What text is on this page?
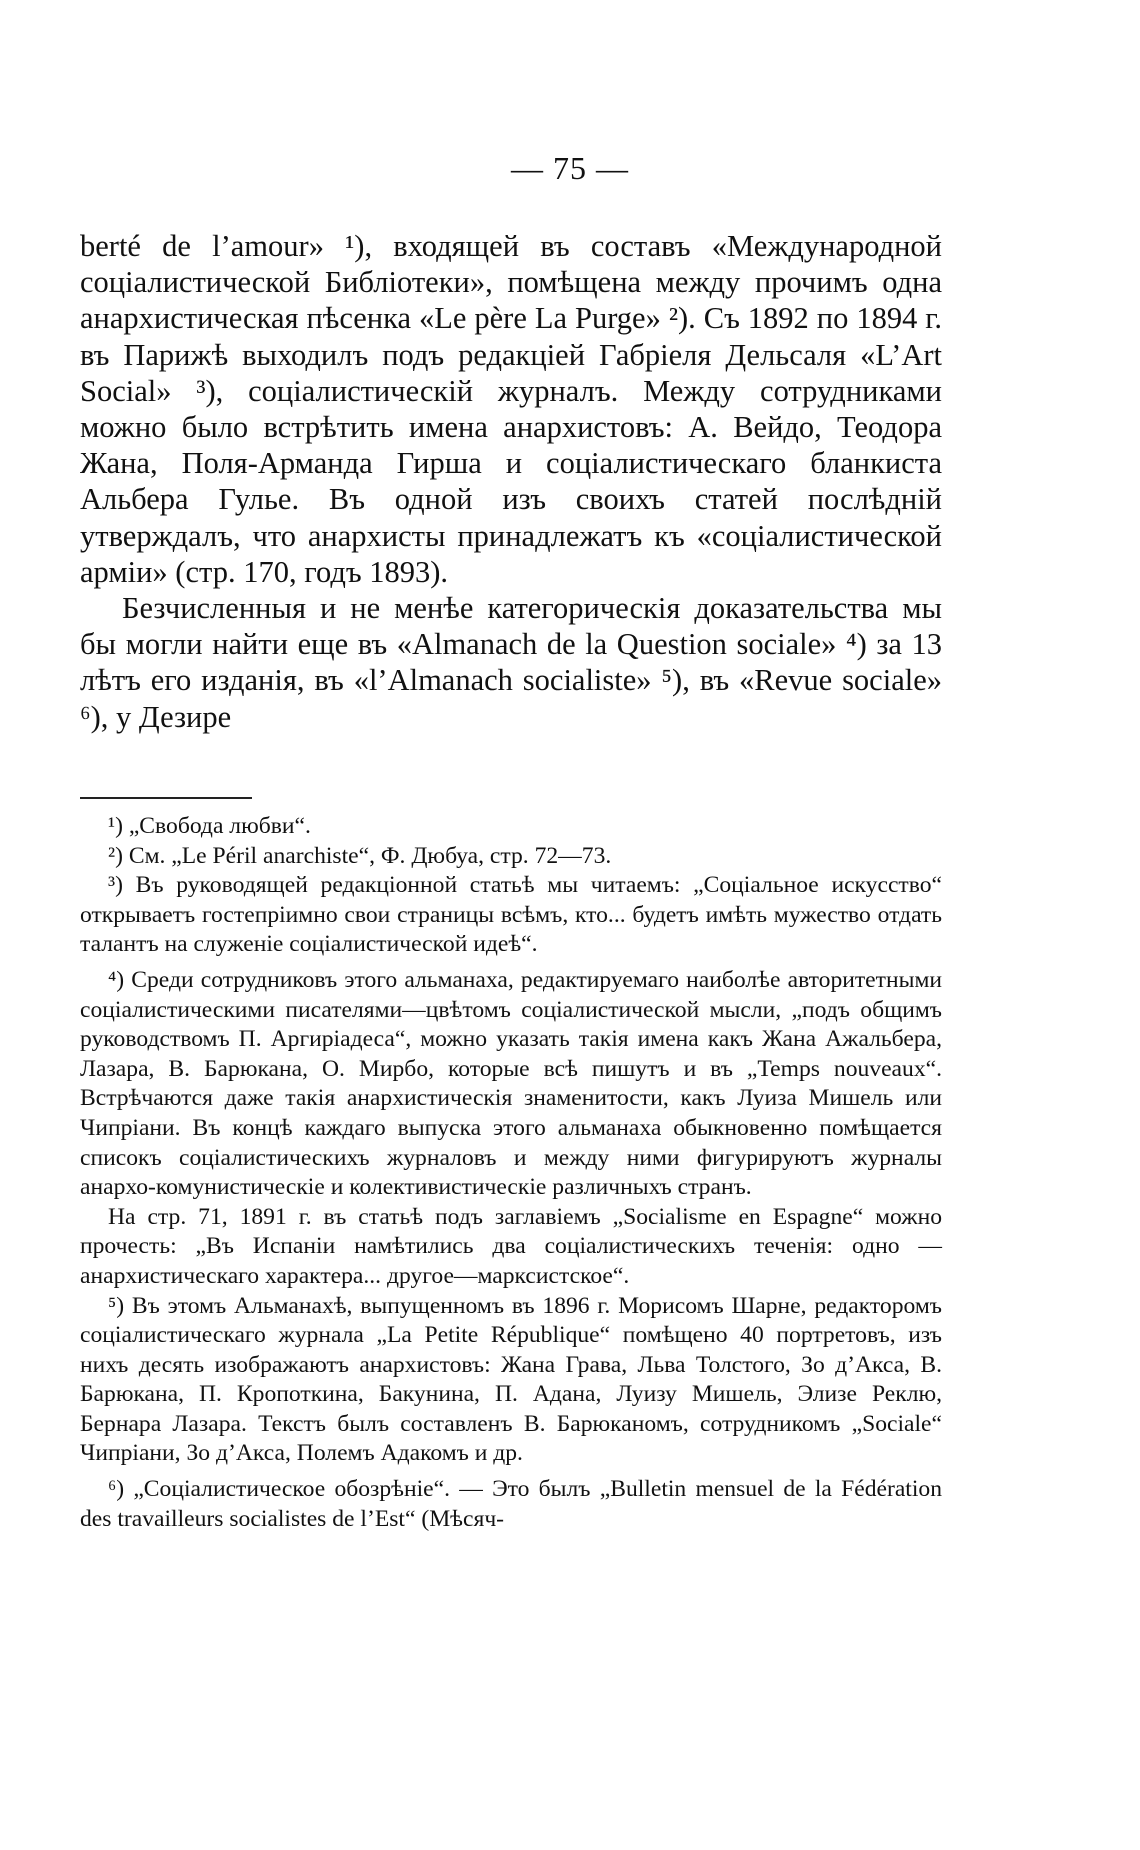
— 75 —

berté de l’amour» ¹), входящей въ составъ «Международной соціалистической Библіотеки», помѣщена между прочимъ одна анархистическая пѣсенка «Le père La Purge» ²). Съ 1892 по 1894 г. въ Парижѣ выходилъ подъ редакціей Габріеля Дельсаля «L’Art Social» ³), соціалистическій журналъ. Между сотрудниками можно было встрѣтить имена анархистовъ: А. Вейдо, Теодора Жана, Поля-Арманда Гирша и соціалистическаго бланкиста Альбера Гулье. Въ одной изъ своихъ статей послѣдній утверждалъ, что анархисты принадлежатъ къ «соціалистической арміи» (стр. 170, годъ 1893).

Безчисленныя и не менѣе категорическія доказательства мы бы могли найти еще въ «Almanach de la Question sociale» ⁴) за 13 лѣтъ его изданія, въ «l’Almanach socialiste» ⁵), въ «Revue sociale» ⁶), у Дезире

¹) „Свобода любви“.

²) См. „Le Péril anarchiste“, Ф. Дюбуа, стр. 72—73.

³) Въ руководящей редакціонной статьѣ мы читаемъ: „Соціальное искусство“ открываетъ гостепріимно свои страницы всѣмъ, кто... будетъ имѣть мужество отдать талантъ на служеніе соціалистической идеѣ“.

⁴) Среди сотрудниковъ этого альманаха, редактируемаго наиболѣе авторитетными соціалистическими писателями—цвѣтомъ соціалистической мысли, „подъ общимъ руководствомъ П. Аргиріадеса“, можно указать такія имена какъ Жана Ажальбера, Лазара, В. Барюкана, О. Мирбо, которые всѣ пишутъ и въ „Temps nouveaux“. Встрѣчаются даже такія анархистическія знаменитости, какъ Луиза Мишель или Чипріани. Въ концѣ каждаго выпуска этого альманаха обыкновенно помѣщается списокъ соціалистическихъ журналовъ и между ними фигурируютъ журналы анархо-комунистическіе и колективистическіе различныхъ странъ.

На стр. 71, 1891 г. въ статьѣ подъ заглавіемъ „Socialisme en Espagne“ можно прочесть: „Въ Испаніи намѣтились два соціалистическихъ теченія: одно — анархистическаго характера... другое—марксистское“.

⁵) Въ этомъ Альманахѣ, выпущенномъ въ 1896 г. Морисомъ Шарне, редакторомъ соціалистическаго журнала „La Petite République“ помѣщено 40 портретовъ, изъ нихъ десять изображаютъ анархистовъ: Жана Грава, Льва Толстого, Зо д’Акса, В. Барюкана, П. Кропоткина, Бакунина, П. Адана, Луизу Мишель, Элизе Реклю, Бернара Лазара. Текстъ былъ составленъ В. Барюканомъ, сотрудникомъ „Sociale“ Чипріани, Зо д’Акса, Полемъ Адакомъ и др.

⁶) „Соціалистическое обозрѣніе“. — Это былъ „Bulletin mensuel de la Fédération des travailleurs socialistes de l’Est“ (Мѣсяч-
